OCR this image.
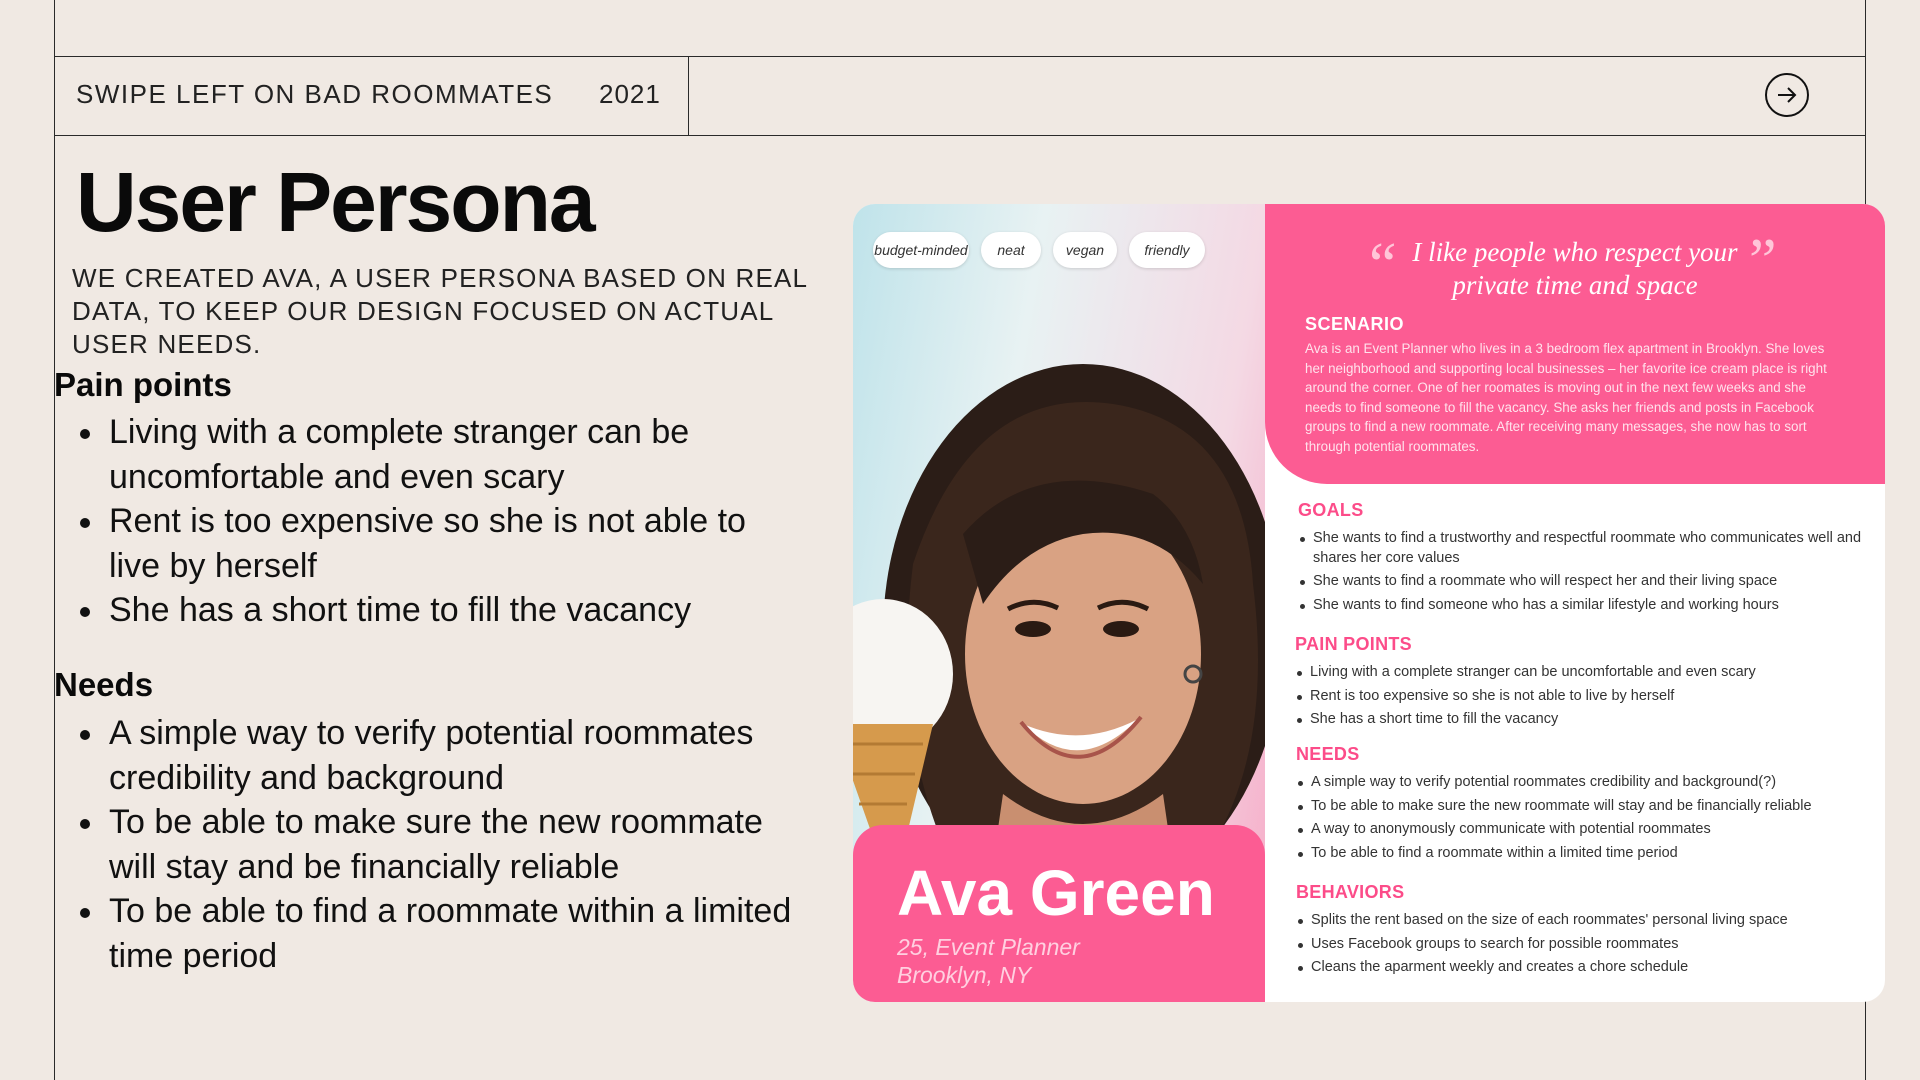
SWIPE LEFT ON BAD ROOMMATES 2021
User Persona

WE CREATED AVA, A USER PERSONA BASED ON REAL DATA, TO KEEP OUR DESIGN FOCUSED ON ACTUAL USER NEEDS.

Pain points
Living with a complete stranger can be uncomfortable and even scary
Rent is too expensive so she is not able to live by herself
She has a short time to fill the vacancy
Needs
A simple way to verify potential roommates credibility and background
To be able to make sure the new roommate will stay and be financially reliable
To be able to find a roommate within a limited time period
budget-minded	neat	vegan	friendly
Ava Green

25, Event Planner

Brooklyn, NY

“	”

I like people who respect your private time and space

SCENARIO

Ava is an Event Planner who lives in a 3 bedroom flex apartment in Brooklyn. She loves her neighborhood and supporting local businesses – her favorite ice cream place is right around the corner. One of her roomates is moving out in the next few weeks and she needs to find someone to fill the vacancy. She asks her friends and posts in Facebook groups to find a new roommate. After receiving many messages, she now has to sort through potential roommates.

GOALS
She wants to find a trustworthy and respectful roommate who communicates well and shares her core values
She wants to find a roommate who will respect her and their living space
She wants to find someone who has a similar lifestyle and working hours
PAIN POINTS
Living with a complete stranger can be uncomfortable and even scary
Rent is too expensive so she is not able to live by herself
She has a short time to fill the vacancy
NEEDS
A simple way to verify potential roommates credibility and background(?)
To be able to make sure the new roommate will stay and be financially reliable
A way to anonymously communicate with potential roommates
To be able to find a roommate within a limited time period
BEHAVIORS
Splits the rent based on the size of each roommates' personal living space
Uses Facebook groups to search for possible roommates
Cleans the aparment weekly and creates a chore schedule
